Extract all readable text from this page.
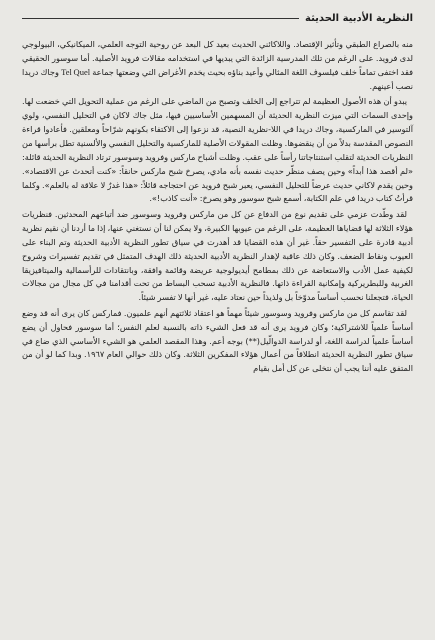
النظرية الأدبية الحديثة

منه بالصراع الطبقي وتأثير الإقتصاد. واللاكائني الحديث بعيد كل البعد عن روحية التوجه العلمي، الميكانيكي، البيولوجي لدى فرويد. على الرغم من تلك المدرسية الزائدة التي يبديها في استخدامه مقالات فرويد الأصلية. أما سوسور الحقيقي فقد اختفى تماماً خلف فيلسوف اللغة المثالي وأعيد بناؤه بحيث يخدم الأغراض التي وضعتها جماعة Tel Quel وجاك دريدا نصب أعينهم.

يبدو أن هذه الأصول العظيمة لم تتراجع إلى الخلف وتصبح من الماضي على الرغم من عملية التحويل التي خضعت لها. وإحدى السمات التي ميزت النظرية الحديثة أن المسهمين الأساسيين فيها، مثل جاك لاكان في التحليل النفسي، ولوي آلتوسير في الماركسية، وجاك دريدا في اللا-نظرية النصية، قد نزعوا إلى الاكتفاء بكونهم شرّاحاً ومعلقين. فأعادوا قراءة النصوص المقدسة بدلاً من أن ينقضوها. وظلت المقولات الأصلية للماركسية والتحليل النفسي والألسنية تطل برأسها من النظريات الحديثة لتقلب استنتاجاتنا رأساً على عقب. وظلت أشباح ماركس وفرويد وسوسور ترتاد النظرية الحديثة قائلة: «لم أقصد هذا أبداً» وحين يصف منظّر حديث نفسه بأنه مادي، يصرخ شبح ماركس حانقاً: «كنت أتحدث عن الاقتصاد». وحين يقدم لاكاني حديث عرضاً للتحليل النفسي، يعبر شبح فرويد عن احتجاجه قائلاً: «هذا غدرٌ لا علاقة له بالعلم». وكلما قرأتُ كتاب دريدا في علم الكتابة، أسمع شبح سوسور وهو يصرخ: «أنت كاذب!».

لقد وطّدت عزمي على تقديم نوع من الدفاع عن كل من ماركس وفرويد وسوسور ضد أتباعهم المحدثين. فنظريات هؤلاء الثلاثة لها قضاياها العظيمة، على الرغم من عيوبها الكبيرة، ولا يمكن لنا أن نستغني عنها، إذا ما أردنا أن نقيم نظرية أدبية قادرة على التفسير حقاً. غير أن هذه القضايا قد أهدرت في سياق تطور النظرية الأدبية الحديثة وتم البناء على العيوب ونقاط الضعف. وكان ذلك عاقبة لإهدار النظرية الأدبية الحديثة ذلك الهدف المتمثل في تقديم تفسيرات وشروح لكيفية عمل الأدب والاستعاضة عن ذلك بمطامح أيديولوجية عريضة وقائمة وافقة، وبانتقادات للرأسمالية والميتافيزيقا الغربية وللبطريركية وإمكانية القراءة ذاتها. فالنظرية الأدبية تسحب البساط من تحت أقدامنا في كل مجال من مجالات الحياة، فتجعلنا نحسب أساساً مدوّخاً بل ولذيذاً حين نعتاد عليه، غير أنها لا تفسر شيئاً.

لقد تقاسم كل من ماركس وفرويد وسوسور شيئاً مهماً هو اعتقاد ثلاثتهم أنهم علميون. فماركس كان يرى أنه قد وضع أساساً علمياً للاشتراكية؛ وكان فرويد يرى أنه قد فعل الشيء ذاته بالنسبة لعلم النفس؛ أما سوسور فحاول أن يضع أساساً علمياً لدراسة اللغة، أو لدراسة الدوالّيل(**) بوجه أعم. وهذا المقصد العلمي هو الشيء الأساسي الذي ضاع في سياق تطور النظرية الحديثة انطلاقاً من أعمال هؤلاء المفكرين الثلاثة. وكان ذلك حوالي العام ١٩٦٧. وبدا كما لو أن من المتفق عليه أننا يجب أن نتخلى عن كل أمل بقيام
